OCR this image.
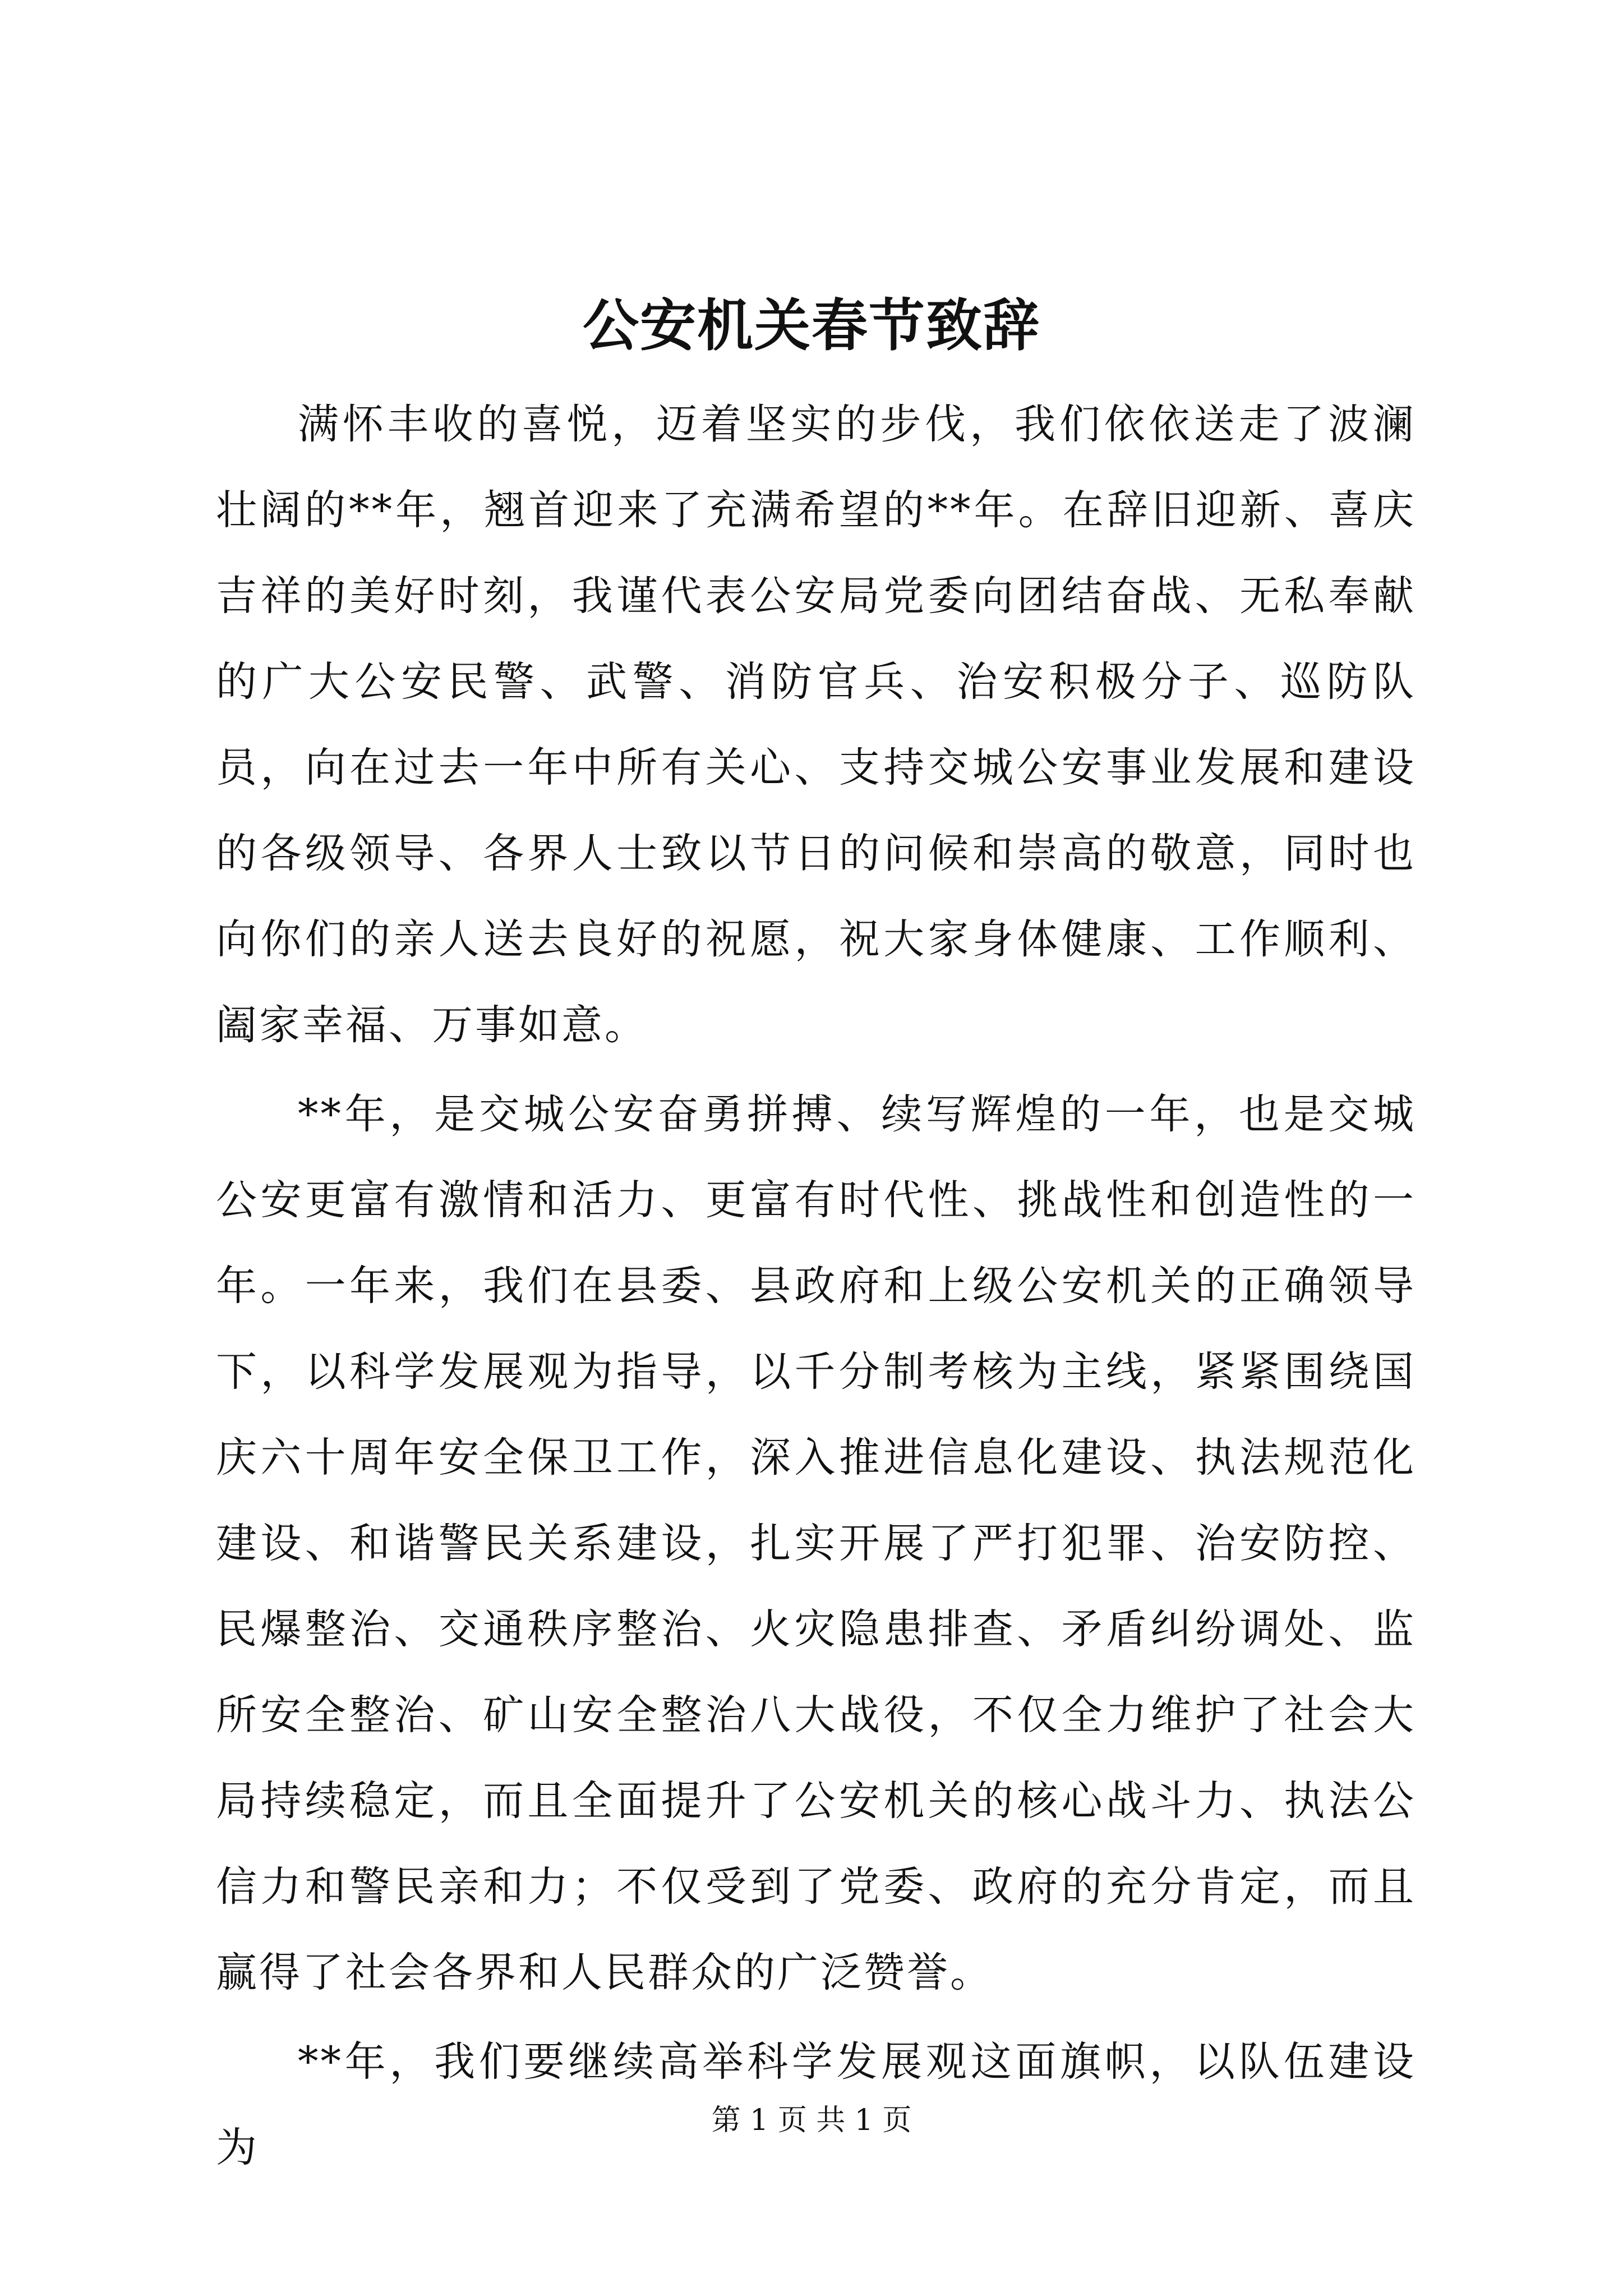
公安机关春节致辞

满怀丰收的喜悦，迈着坚实的步伐，我们依依送走了波澜壮阔的**年，翘首迎来了充满希望的**年。在辞旧迎新、喜庆吉祥的美好时刻，我谨代表公安局党委向团结奋战、无私奉献的广大公安民警、武警、消防官兵、治安积极分子、巡防队员，向在过去一年中所有关心、支持交城公安事业发展和建设的各级领导、各界人士致以节日的问候和崇高的敬意，同时也向你们的亲人送去良好的祝愿，祝大家身体健康、工作顺利、阖家幸福、万事如意。

**年，是交城公安奋勇拼搏、续写辉煌的一年，也是交城公安更富有激情和活力、更富有时代性、挑战性和创造性的一年。一年来，我们在县委、县政府和上级公安机关的正确领导下，以科学发展观为指导，以千分制考核为主线，紧紧围绕国庆六十周年安全保卫工作，深入推进信息化建设、执法规范化建设、和谐警民关系建设，扎实开展了严打犯罪、治安防控、民爆整治、交通秩序整治、火灾隐患排查、矛盾纠纷调处、监所安全整治、矿山安全整治八大战役，不仅全力维护了社会大局持续稳定，而且全面提升了公安机关的核心战斗力、执法公信力和警民亲和力；不仅受到了党委、政府的充分肯定，而且赢得了社会各界和人民群众的广泛赞誉。

**年，我们要继续高举科学发展观这面旗帜，以队伍建设为

第 1 页 共 1 页
